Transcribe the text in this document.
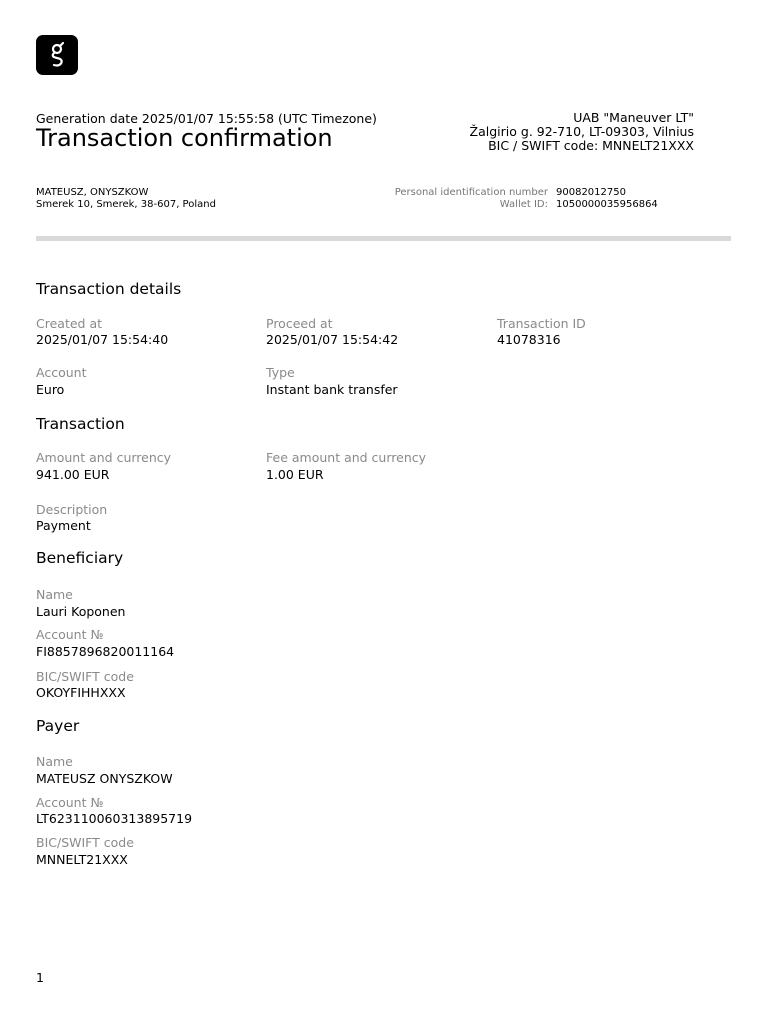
Generation date 2025/01/07 15:55:58 (UTC Timezone)
Transaction confirmation
UAB "Maneuver LT"
Žalgirio g. 92-710, LT-09303, Vilnius
BIC / SWIFT code: MNNELT21XXX
MATEUSZ, ONYSZKOW
Smerek 10, Smerek, 38-607, Poland
Personal identification number 90082012750
Wallet ID: 1050000035956864
Transaction details
Created at
2025/01/07 15:54:40
Proceed at
2025/01/07 15:54:42
Transaction ID
41078316
Account
Euro
Type
Instant bank transfer
Transaction
Amount and currency
941.00 EUR
Fee amount and currency
1.00 EUR
Description
Payment
Beneficiary
Name
Lauri Koponen
Account №
FI8857896820011164
BIC/SWIFT code
OKOYFIHHXXX
Payer
Name
MATEUSZ ONYSZKOW
Account №
LT623110060313895719
BIC/SWIFT code
MNNELT21XXX
1
